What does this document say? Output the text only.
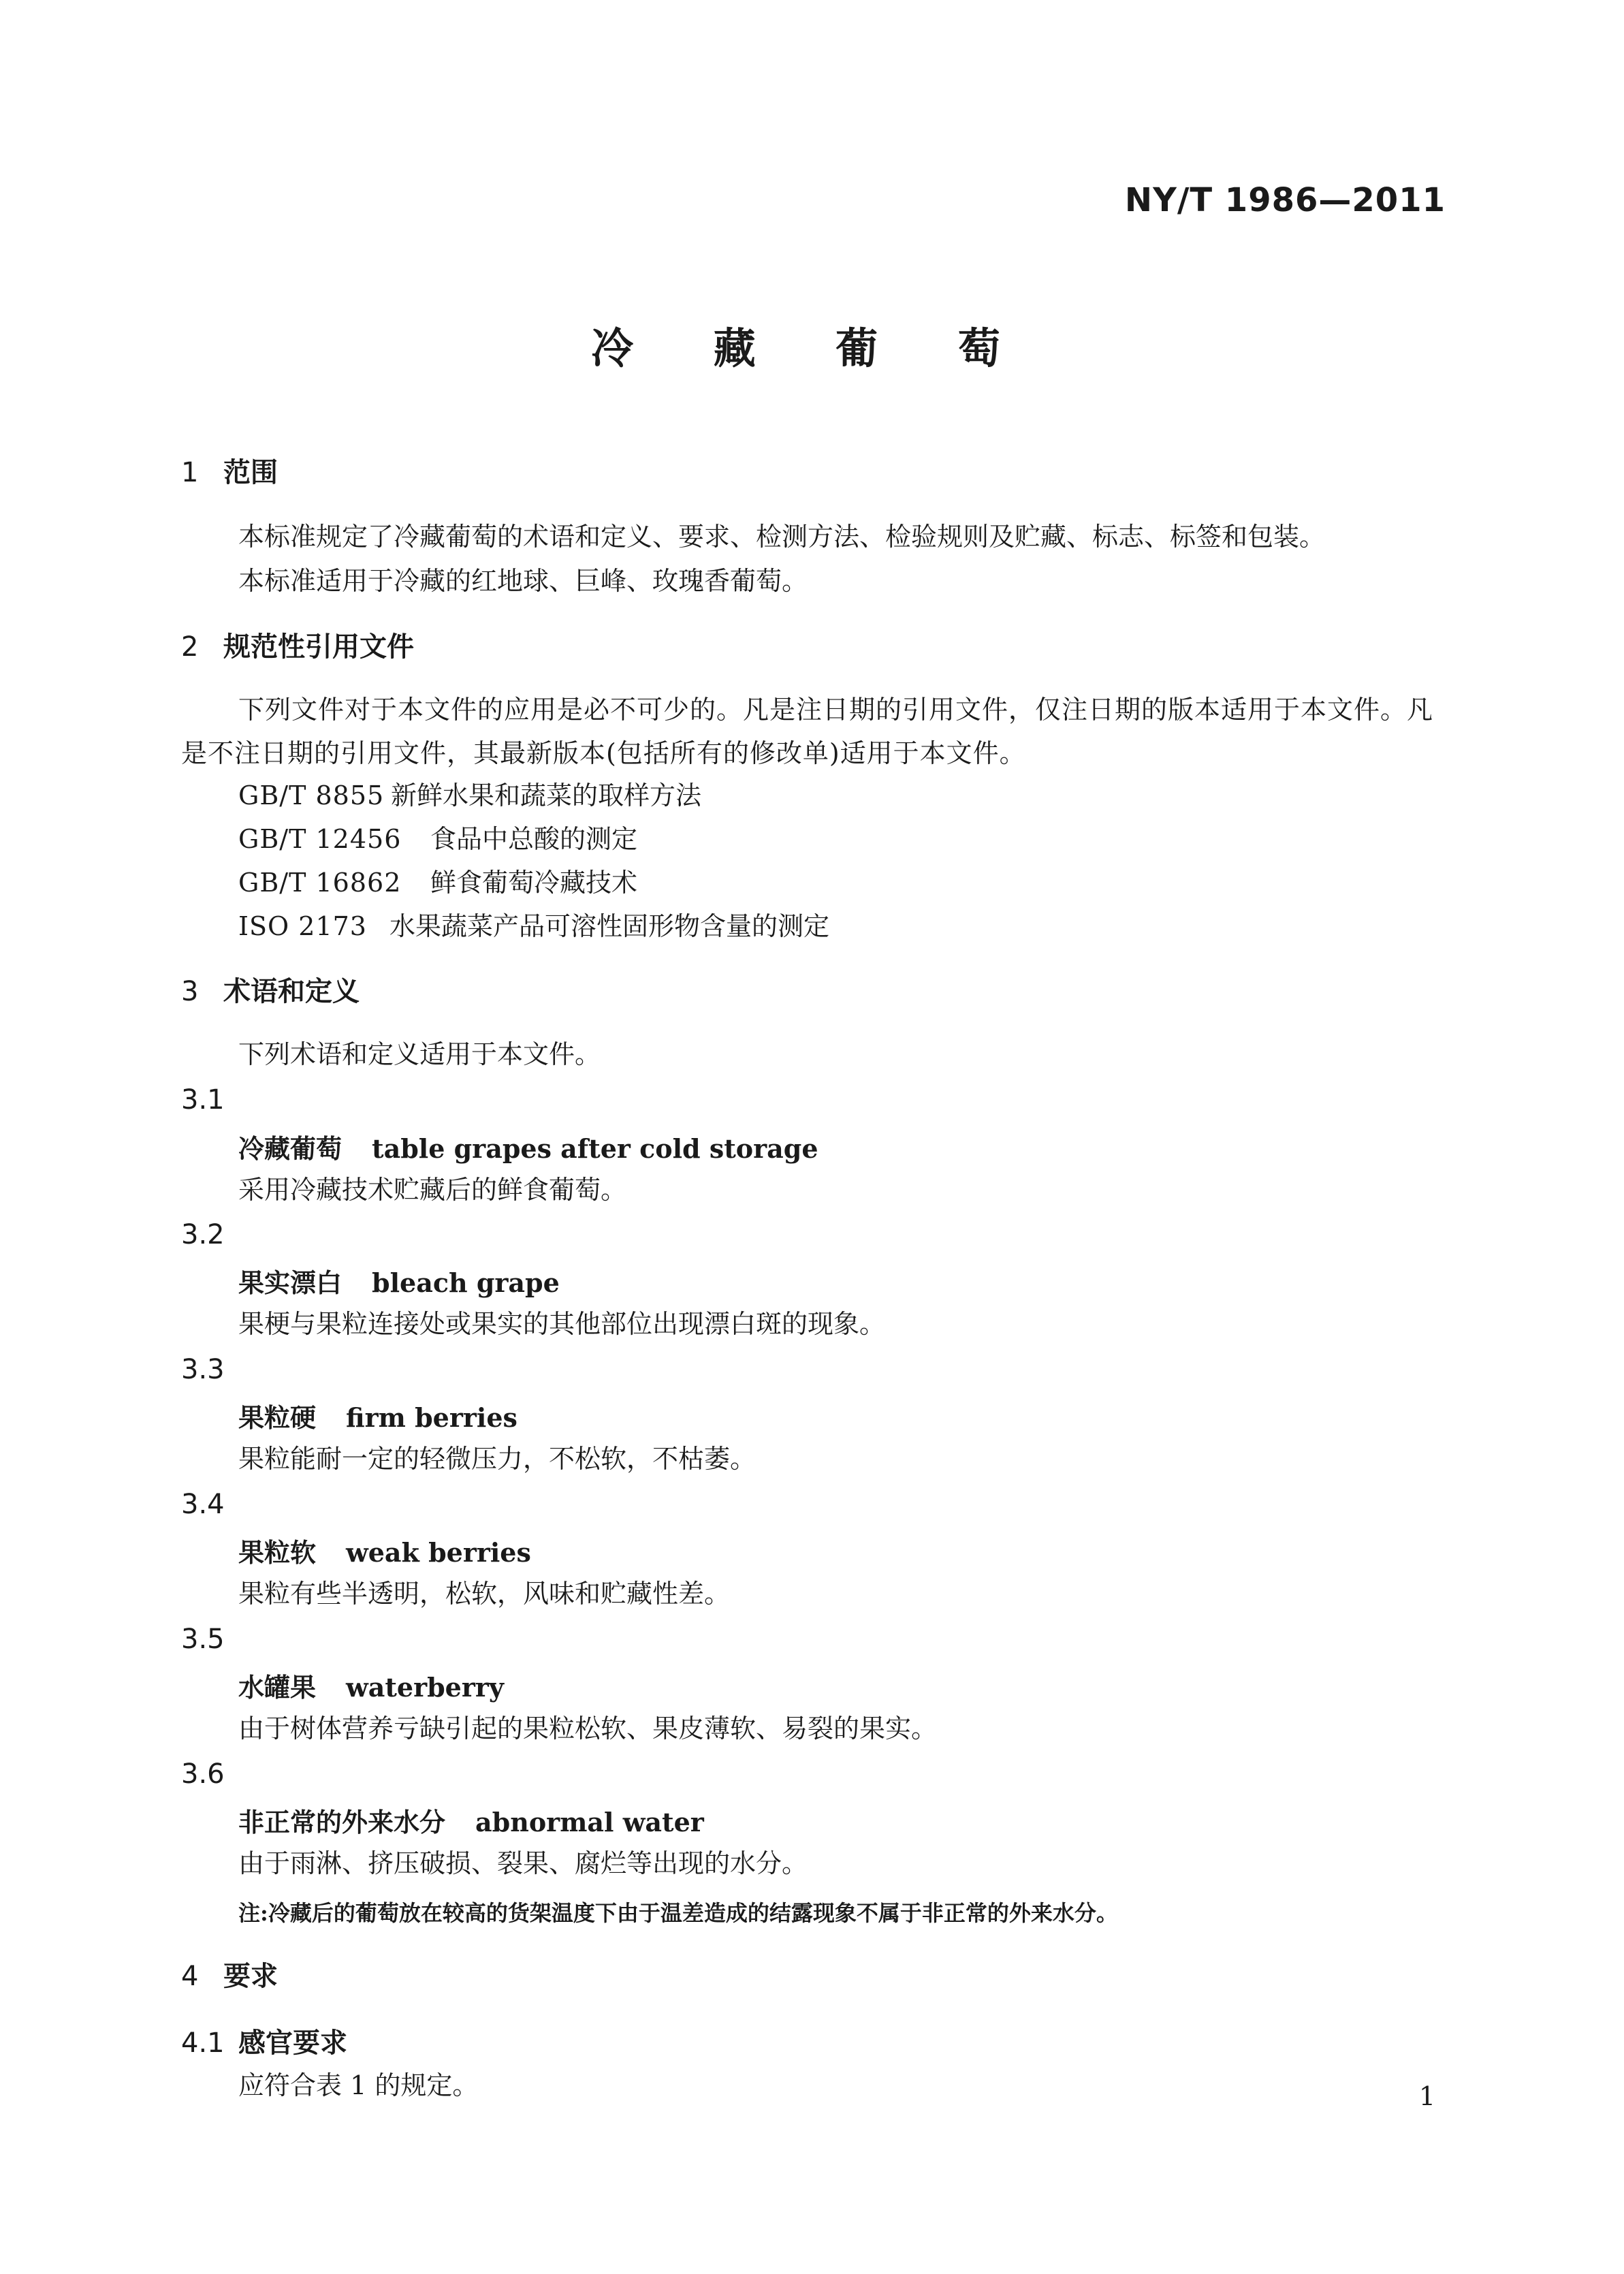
NY/T 1986—2011
冷 藏 葡 萄
1 范围
本标准规定了冷藏葡萄的术语和定义、要求、检测方法、检验规则及贮藏、标志、标签和包装。
本标准适用于冷藏的红地球、巨峰、玫瑰香葡萄。
2 规范性引用文件
下列文件对于本文件的应用是必不可少的。凡是注日期的引用文件，仅注日期的版本适用于本文件。凡是不注日期的引用文件，其最新版本(包括所有的修改单)适用于本文件。
GB/T 8855 新鲜水果和蔬菜的取样方法
GB/T 12456 食品中总酸的测定
GB/T 16862 鲜食葡萄冷藏技术
ISO 2173 水果蔬菜产品可溶性固形物含量的测定
3 术语和定义
下列术语和定义适用于本文件。
3.1
冷藏葡萄 table grapes after cold storage
采用冷藏技术贮藏后的鲜食葡萄。
3.2
果实漂白 bleach grape
果梗与果粒连接处或果实的其他部位出现漂白斑的现象。
3.3
果粒硬 firm berries
果粒能耐一定的轻微压力，不松软，不枯萎。
3.4
果粒软 weak berries
果粒有些半透明，松软，风味和贮藏性差。
3.5
水罐果 waterberry
由于树体营养亏缺引起的果粒松软、果皮薄软、易裂的果实。
3.6
非正常的外来水分 abnormal water
由于雨淋、挤压破损、裂果、腐烂等出现的水分。
注:冷藏后的葡萄放在较高的货架温度下由于温差造成的结露现象不属于非正常的外来水分。
4 要求
4.1 感官要求
应符合表 1 的规定。	1
